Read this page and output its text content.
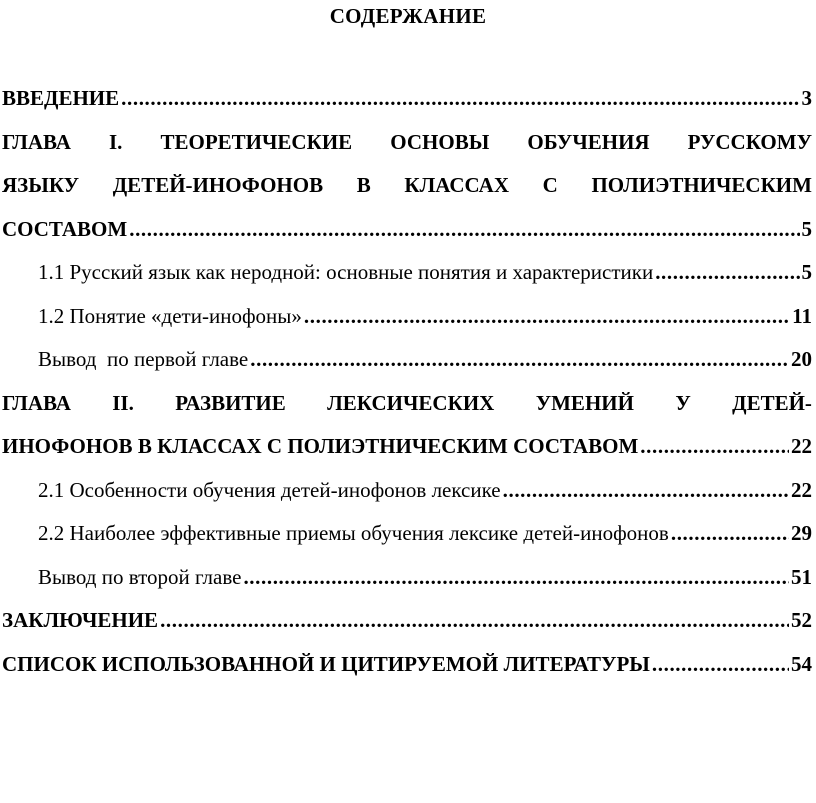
СОДЕРЖАНИЕ
ВВЕДЕНИЕ .....	3
ГЛАВА I. ТЕОРЕТИЧЕСКИЕ ОСНОВЫ ОБУЧЕНИЯ РУССКОМУ
ЯЗЫКУ ДЕТЕЙ-ИНОФОНОВ В КЛАССАХ С ПОЛИЭТНИЧЕСКИМ
СОСТАВОМ .....	5
1.1 Русский язык как неродной: основные понятия и характеристики .....	5
1.2 Понятие «дети-инофоны» .....	11
Вывод  по первой главе .....	20
ГЛАВА II. РАЗВИТИЕ ЛЕКСИЧЕСКИХ УМЕНИЙ У ДЕТЕЙ-
ИНОФОНОВ В КЛАССАХ С ПОЛИЭТНИЧЕСКИМ СОСТАВОМ .....	22
2.1 Особенности обучения детей-инофонов лексике .....	22
2.2 Наиболее эффективные приемы обучения лексике детей-инофонов .....	29
Вывод по второй главе .....	51
ЗАКЛЮЧЕНИЕ .....	52
СПИСОК ИСПОЛЬЗОВАННОЙ И ЦИТИРУЕМОЙ ЛИТЕРАТУРЫ .....	54
